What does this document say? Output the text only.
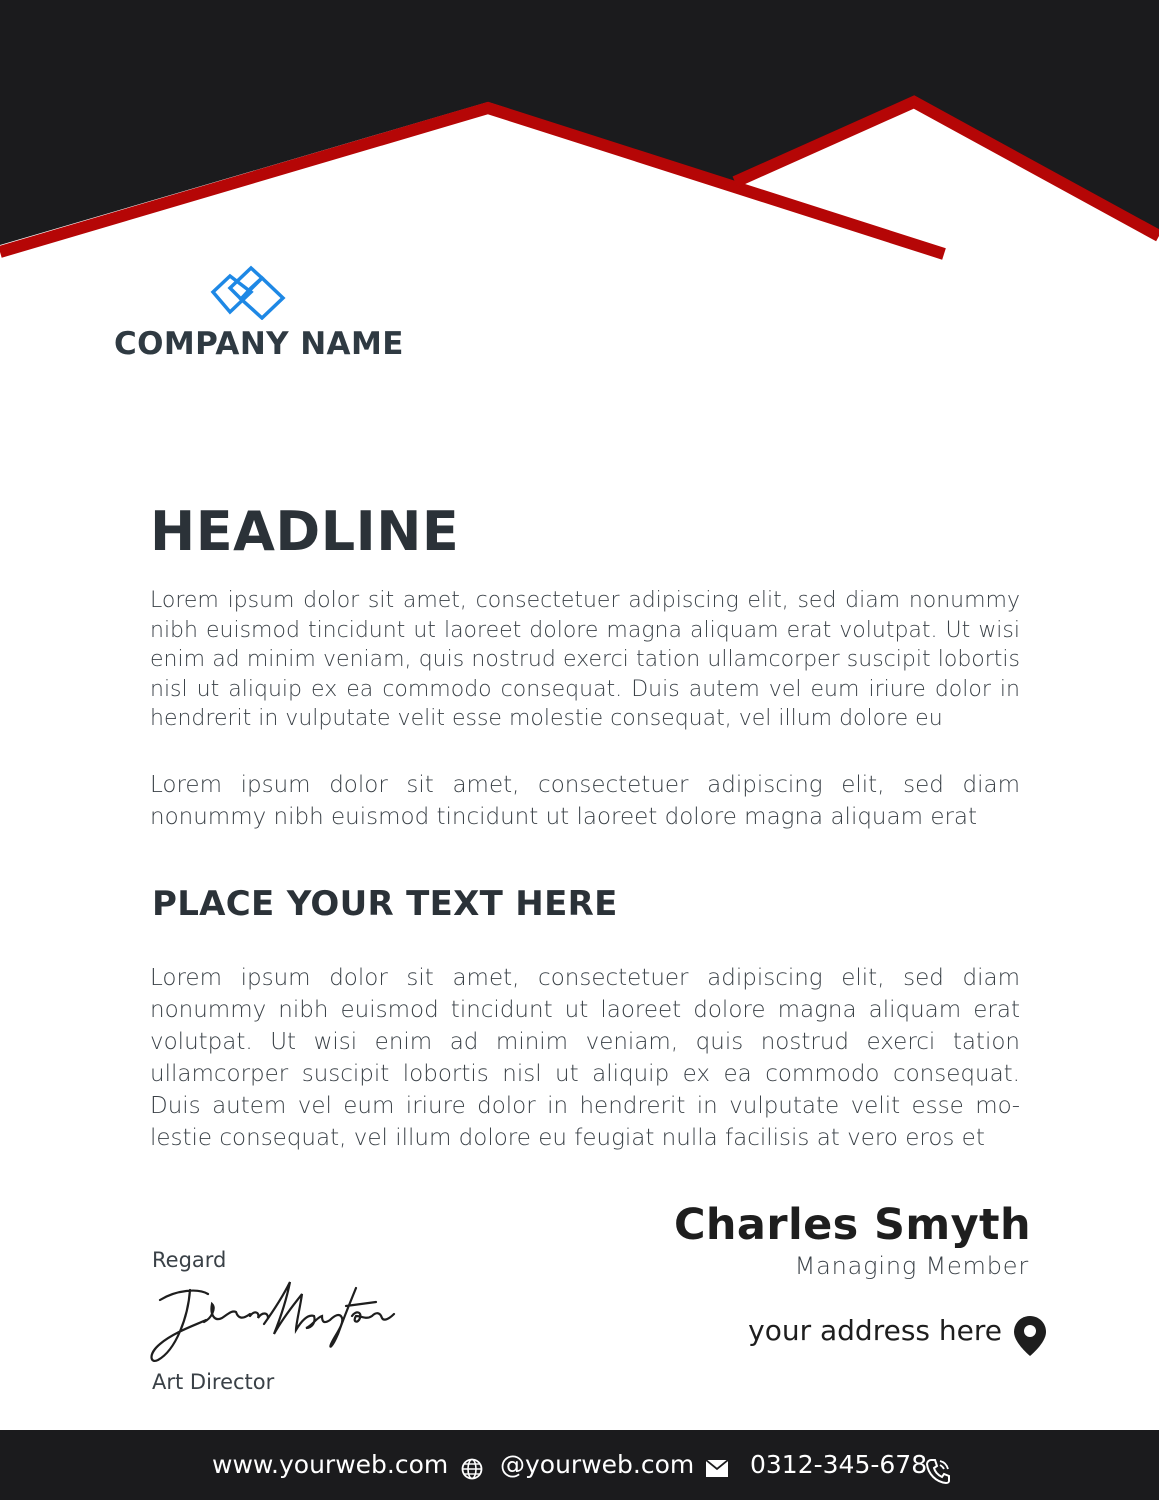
COMPANY NAME
HEADLINE
Lorem ipsum dolor sit amet, consectetuer adipiscing elit, sed diam nonummy nibh euismod tincidunt ut laoreet dolore magna aliquam erat volutpat. Ut wisi enim ad minim veniam, quis nostrud exerci tation ullamcorper suscipit lobortis nisl ut aliquip ex ea commodo consequat. Duis autem vel eum iriure dolor in hendrerit in vulputate velit esse molestie consequat, vel illum dolore eu
Lorem ipsum dolor sit amet, consectetuer adipiscing elit, sed diam nonummy nibh euismod tincidunt ut laoreet dolore magna aliquam erat
PLACE YOUR TEXT HERE
Lorem ipsum dolor sit amet, consectetuer adipiscing elit, sed diam nonummy nibh euismod tincidunt ut laoreet dolore magna aliquam erat volutpat. Ut wisi enim ad minim veniam, quis nostrud exerci tation ullamcorper suscipit lobortis nisl ut aliquip ex ea commodo consequat. Duis autem vel eum iriure dolor in hendrerit in vulputate velit esse molestie consequat, vel illum dolore eu feugiat nulla facilisis at vero eros et
Regard
Art Director
Charles Smyth
Managing Member
your address here
www.yourweb.com @yourweb.com 0312-345-678
